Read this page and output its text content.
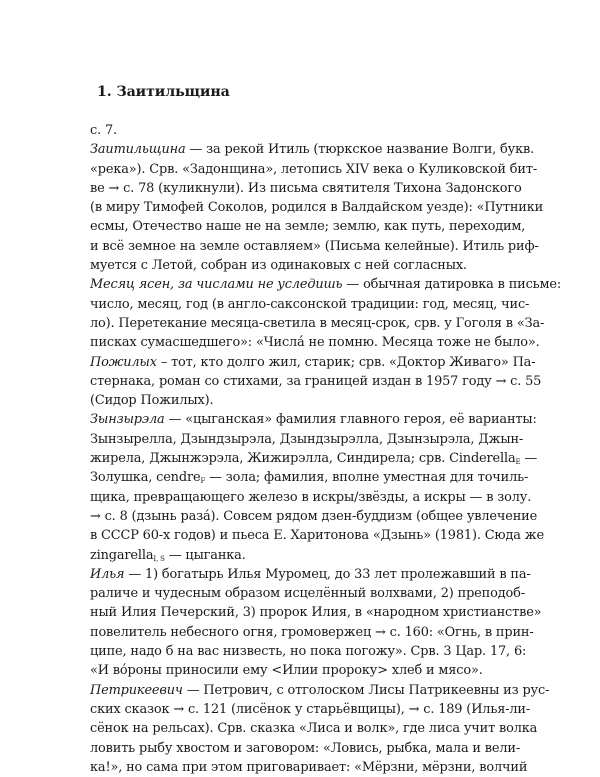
1. Заитильщина
с. 7.
Заитильщина — за рекой Итиль (тюркское название Волги, букв.
«река»). Срв. «Задонщина», летопись XIV века о Куликовской бит-
ве → с. 78 (куликнули). Из письма святителя Тихона Задонского
(в миру Тимофей Соколов, родился в Валдайском уезде): «Путники
есмы, Отечество наше не на земле; землю, как путь, переходим,
и всё земное на земле оставляем» (Письма келейные). Итиль риф-
муется с Летой, собран из одинаковых с ней согласных.
Месяц ясен, за числами не уследишь — обычная датировка в письме:
число, месяц, год (в англо-саксонской традиции: год, месяц, чис-
ло). Перетекание месяца-светила в месяц-срок, срв. у Гоголя в «За-
писках сумасшедшего»: «Числá не помню. Месяца тоже не было».
Пожилых – тот, кто долго жил, старик; срв. «Доктор Живаго» Па-
стернака, роман со стихами, за границей издан в 1957 году → с. 55
(Сидор Пожилых).
Зынзырэла — «цыганская» фамилия главного героя, её варианты:
Зынзырелла, Дзындзырэла, Дзындзырэлла, Дзынзырэла, Джын-
жирела, Джынжэрэла, Жижирэлла, Синдирела; срв. Cinderella$_E$ —
Золушка, cendre$_F$ — зола; фамилия, вполне уместная для точиль-
щика, превращающего железо в искры/звёзды, а искры — в золу.
→ с. 8 (дзынь разá). Совсем рядом дзен-буддизм (общее увлечение
в СССР 60-х годов) и пьеса Е. Харитонова «Дзынь» (1981). Сюда же
zingarella$_{I, S}$ — цыганка.
Илья — 1) богатырь Илья Муромец, до 33 лет пролежавший в па-
раличе и чудесным образом исцелённый волхвами, 2) преподоб-
ный Илия Печерский, 3) пророк Илия, в «народном христианстве»
повелитель небесного огня, громовержец → с. 160: «Огнь, в прин-
ципе, надо б на вас низвесть, но пока погожу». Срв. 3 Цар. 17, 6:
«И вóроны приносили ему <Илии пророку> хлеб и мясо».
Петрикеевич — Петрович, с отголоском Лисы Патрикеевны из рус-
ских сказок → с. 121 (лисёнок у старьёвщицы), → с. 189 (Илья-ли-
сёнок на рельсах). Срв. сказка «Лиса и волк», где лиса учит волка
ловить рыбу хвостом и заговором: «Ловись, рыбка, мала и вели-
ка!», но сама при этом приговаривает: «Мёрзни, мёрзни, волчий
